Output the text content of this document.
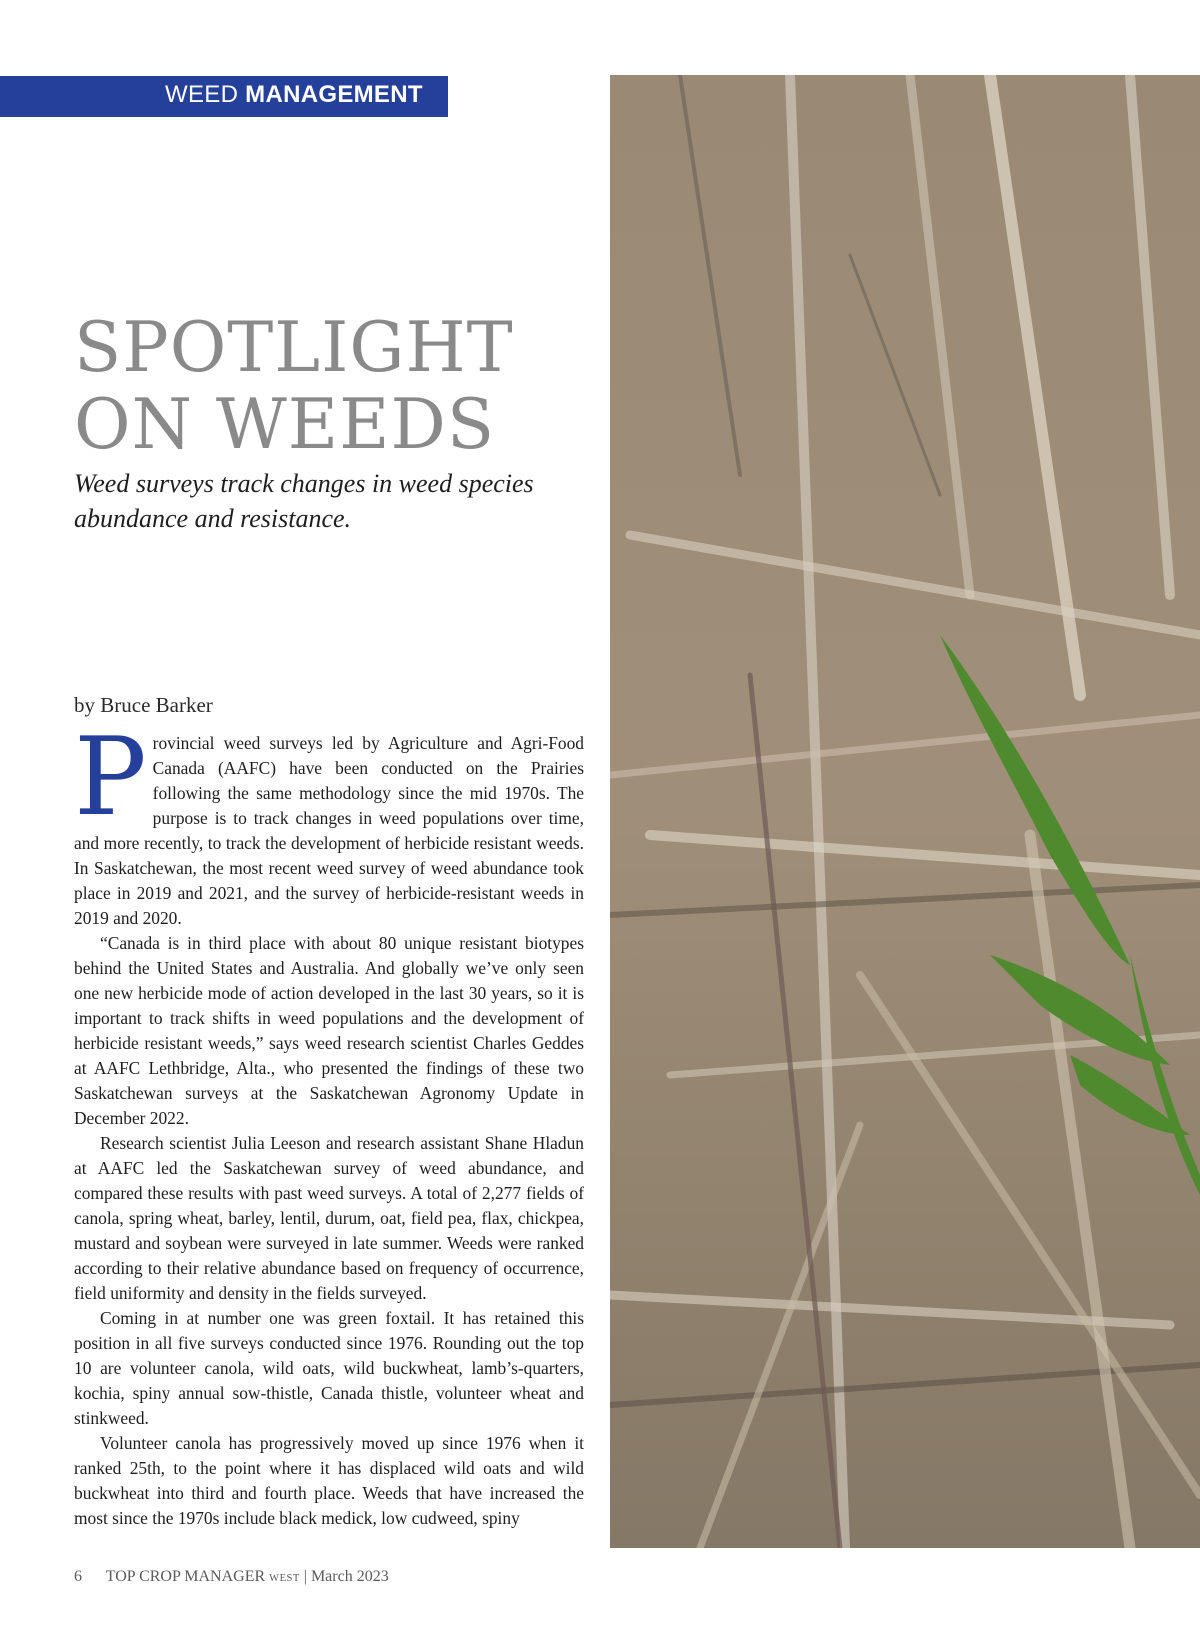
WEED MANAGEMENT
SPOTLIGHT
ON WEEDS

Weed surveys track changes in weed species abundance and resistance.

by Bruce Barker

Provincial weed surveys led by Agriculture and Agri-Food Canada (AAFC) have been conducted on the Prairies following the same methodology since the mid 1970s. The purpose is to track changes in weed populations over time, and more recently, to track the development of herbicide resistant weeds. In Saskatchewan, the most recent weed survey of weed abundance took place in 2019 and 2021, and the survey of herbicide-resistant weeds in 2019 and 2020.

“Canada is in third place with about 80 unique resistant biotypes behind the United States and Australia. And globally we’ve only seen one new herbicide mode of action developed in the last 30 years, so it is important to track shifts in weed populations and the development of herbicide resistant weeds,” says weed research scientist Charles Geddes at AAFC Lethbridge, Alta., who presented the findings of these two Saskatchewan surveys at the Saskatchewan Agronomy Update in December 2022.

Research scientist Julia Leeson and research assistant Shane Hladun at AAFC led the Saskatchewan survey of weed abundance, and compared these results with past weed surveys. A total of 2,277 fields of canola, spring wheat, barley, lentil, durum, oat, field pea, flax, chickpea, mustard and soybean were surveyed in late summer. Weeds were ranked according to their relative abundance based on frequency of occurrence, field uniformity and density in the fields surveyed.

Coming in at number one was green foxtail. It has retained this position in all five surveys conducted since 1976. Rounding out the top 10 are volunteer canola, wild oats, wild buckwheat, lamb’s-quarters, kochia, spiny annual sow-thistle, Canada thistle, volunteer wheat and stinkweed.

Volunteer canola has progressively moved up since 1976 when it ranked 25th, to the point where it has displaced wild oats and wild buckwheat into third and fourth place. Weeds that have increased the most since the 1970s include black medick, low cudweed, spiny

6 TOP CROP MANAGER WEST | March 2023
